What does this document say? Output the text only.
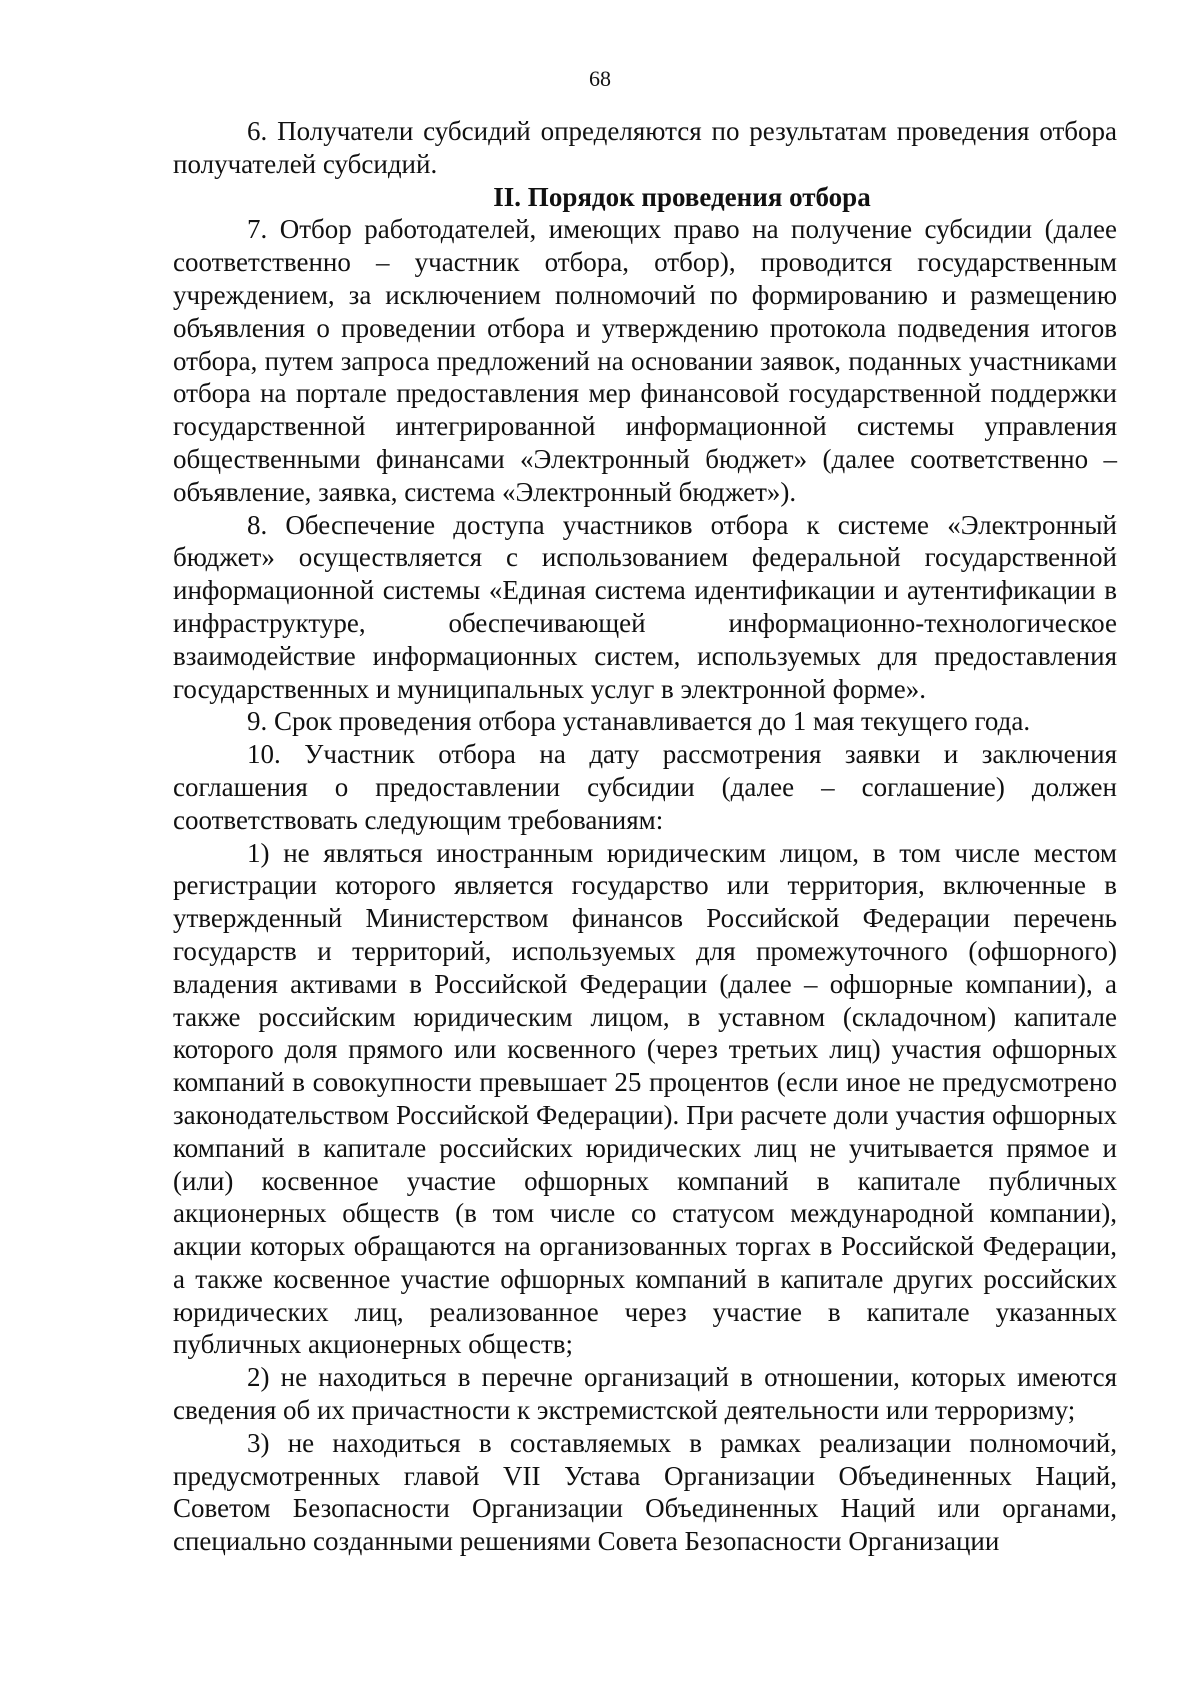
68

6. Получатели субсидий определяются по результатам проведения отбора получателей субсидий.

II. Порядок проведения отбора

7. Отбор работодателей, имеющих право на получение субсидии (далее соответственно – участник отбора, отбор), проводится государственным учреждением, за исключением полномочий по формированию и размещению объявления о проведении отбора и утверждению протокола подведения итогов отбора, путем запроса предложений на основании заявок, поданных участниками отбора на портале предоставления мер финансовой государственной поддержки государственной интегрированной информационной системы управления общественными финансами «Электронный бюджет» (далее соответственно – объявление, заявка, система «Электронный бюджет»).

8. Обеспечение доступа участников отбора к системе «Электронный бюджет» осуществляется с использованием федеральной государственной информационной системы «Единая система идентификации и аутентификации в инфраструктуре, обеспечивающей информационно-технологическое взаимодействие информационных систем, используемых для предоставления государственных и муниципальных услуг в электронной форме».

9. Срок проведения отбора устанавливается до 1 мая текущего года.

10. Участник отбора на дату рассмотрения заявки и заключения соглашения о предоставлении субсидии (далее – соглашение) должен соответствовать следующим требованиям:

1) не являться иностранным юридическим лицом, в том числе местом регистрации которого является государство или территория, включенные в утвержденный Министерством финансов Российской Федерации перечень государств и территорий, используемых для промежуточного (офшорного) владения активами в Российской Федерации (далее – офшорные компании), а также российским юридическим лицом, в уставном (складочном) капитале которого доля прямого или косвенного (через третьих лиц) участия офшорных компаний в совокупности превышает 25 процентов (если иное не предусмотрено законодательством Российской Федерации). При расчете доли участия офшорных компаний в капитале российских юридических лиц не учитывается прямое и (или) косвенное участие офшорных компаний в капитале публичных акционерных обществ (в том числе со статусом международной компании), акции которых обращаются на организованных торгах в Российской Федерации, а также косвенное участие офшорных компаний в капитале других российских юридических лиц, реализованное через участие в капитале указанных публичных акционерных обществ;

2) не находиться в перечне организаций в отношении, которых имеются сведения об их причастности к экстремистской деятельности или терроризму;

3) не находиться в составляемых в рамках реализации полномочий, предусмотренных главой VII Устава Организации Объединенных Наций, Советом Безопасности Организации Объединенных Наций или органами, специально созданными решениями Совета Безопасности Организации
